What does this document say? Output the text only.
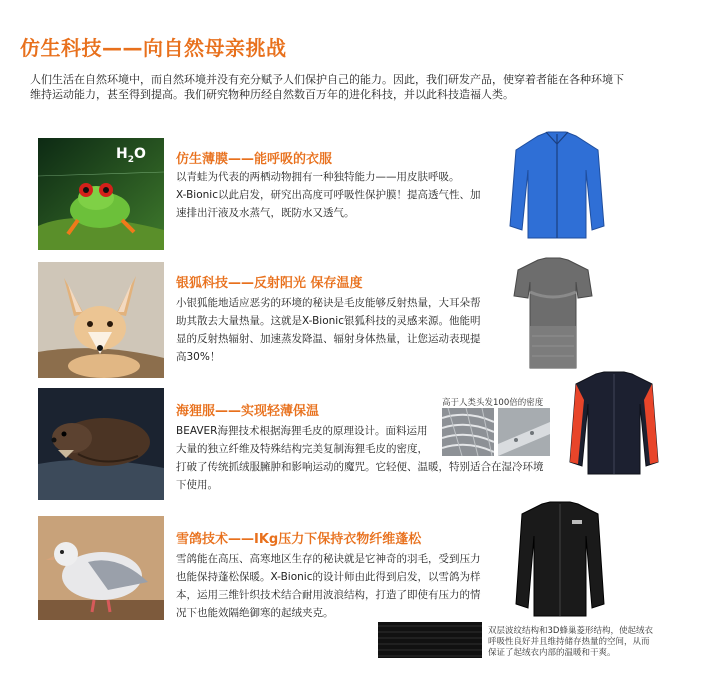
仿生科技——向自然母亲挑战

人们生活在自然环境中，而自然环境并没有充分赋予人们保护自己的能力。因此，我们研发产品，使穿着者能在各种环境下

维持运动能力，甚至得到提高。我们研究物种历经自然数百万年的进化科技，并以此科技造福人类。

$H_2O$ 仿生薄膜——能呼吸的衣服

以青蛙为代表的两栖动物拥有一种独特能力——用皮肤呼吸。

X-Bionic以此启发，研究出高度可呼吸性保护膜！提高透气性、加

速排出汗液及水蒸气，既防水又透气。

银狐科技——反射阳光 保存温度

小银狐能地适应恶劣的环境的秘诀是毛皮能够反射热量，大耳朵帮

助其散去大量热量。这就是X-Bionic银狐科技的灵感来源。他能明

显的反射热辐射、加速蒸发降温、辐射身体热量，让您运动表现提

高30%！

海狸服——实现轻薄保温

BEAVER海狸技术根据海狸毛皮的原理设计。面料运用

大量的独立纤维及特殊结构完美复制海狸毛皮的密度，

打破了传统抓绒服臃肿和影响运动的魔咒。它轻便、温暖，特别适合在湿冷环境

下使用。

高于人类头发100倍的密度
雪鸽技术——IKg压力下保持衣物纤维蓬松

雪鸽能在高压、高寒地区生存的秘诀就是它神奇的羽毛，受到压力

也能保持蓬松保暖。X-Bionic的设计师由此得到启发，以雪鸽为样

本，运用三维针织技术结合耐用波浪结构，打造了即使有压力的情

况下也能效隔绝御寒的起绒夹克。

双层波纹结构和3D蜂巢菱形结构，使起绒衣

呼吸性良好并且维持储存热量的空间，从而

保证了起绒衣内部的温暖和干爽。
